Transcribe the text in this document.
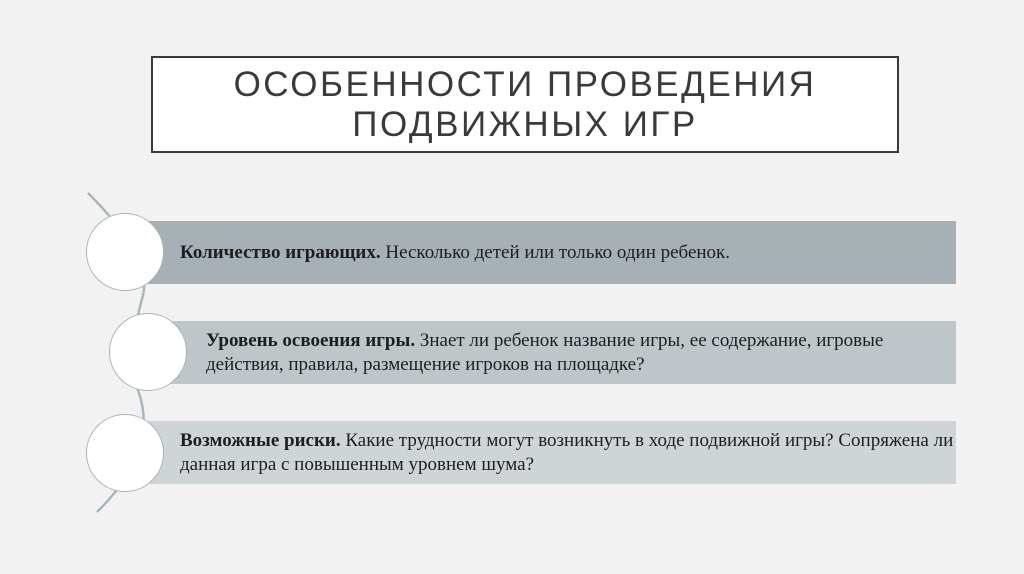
ОСОБЕННОСТИ ПРОВЕДЕНИЯ
ПОДВИЖНЫХ ИГР
Количество играющих. Несколько детей или только один ребенок.
Уровень освоения игры. Знает ли ребенок название игры, ее содержание, игровые действия, правила, размещение игроков на площадке?
Возможные риски. Какие трудности могут возникнуть в ходе подвижной игры? Сопряжена ли данная игра с повышенным уровнем шума?
